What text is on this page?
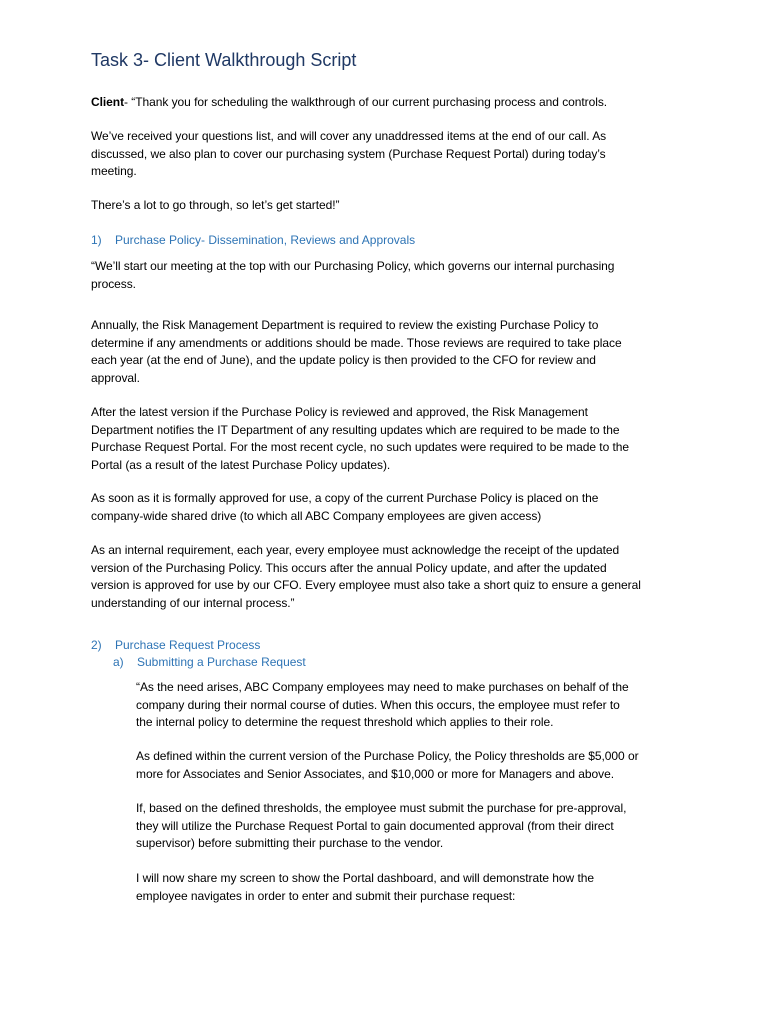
Task 3- Client Walkthrough Script

Client- “Thank you for scheduling the walkthrough of our current purchasing process and controls.

We’ve received your questions list, and will cover any unaddressed items at the end of our call. As
discussed, we also plan to cover our purchasing system (Purchase Request Portal) during today’s
meeting.

There’s a lot to go through, so let’s get started!”

1) Purchase Policy- Dissemination, Reviews and Approvals

“We’ll start our meeting at the top with our Purchasing Policy, which governs our internal purchasing
process.

Annually, the Risk Management Department is required to review the existing Purchase Policy to
determine if any amendments or additions should be made. Those reviews are required to take place
each year (at the end of June), and the update policy is then provided to the CFO for review and
approval.

After the latest version if the Purchase Policy is reviewed and approved, the Risk Management
Department notifies the IT Department of any resulting updates which are required to be made to the
Purchase Request Portal. For the most recent cycle, no such updates were required to be made to the
Portal (as a result of the latest Purchase Policy updates).

As soon as it is formally approved for use, a copy of the current Purchase Policy is placed on the
company-wide shared drive (to which all ABC Company employees are given access)

As an internal requirement, each year, every employee must acknowledge the receipt of the updated
version of the Purchasing Policy. This occurs after the annual Policy update, and after the updated
version is approved for use by our CFO. Every employee must also take a short quiz to ensure a general
understanding of our internal process.”

2) Purchase Request Process
a) Submitting a Purchase Request

“As the need arises, ABC Company employees may need to make purchases on behalf of the
company during their normal course of duties. When this occurs, the employee must refer to
the internal policy to determine the request threshold which applies to their role.

As defined within the current version of the Purchase Policy, the Policy thresholds are $5,000 or
more for Associates and Senior Associates, and $10,000 or more for Managers and above.

If, based on the defined thresholds, the employee must submit the purchase for pre-approval,
they will utilize the Purchase Request Portal to gain documented approval (from their direct
supervisor) before submitting their purchase to the vendor.

I will now share my screen to show the Portal dashboard, and will demonstrate how the
employee navigates in order to enter and submit their purchase request:
